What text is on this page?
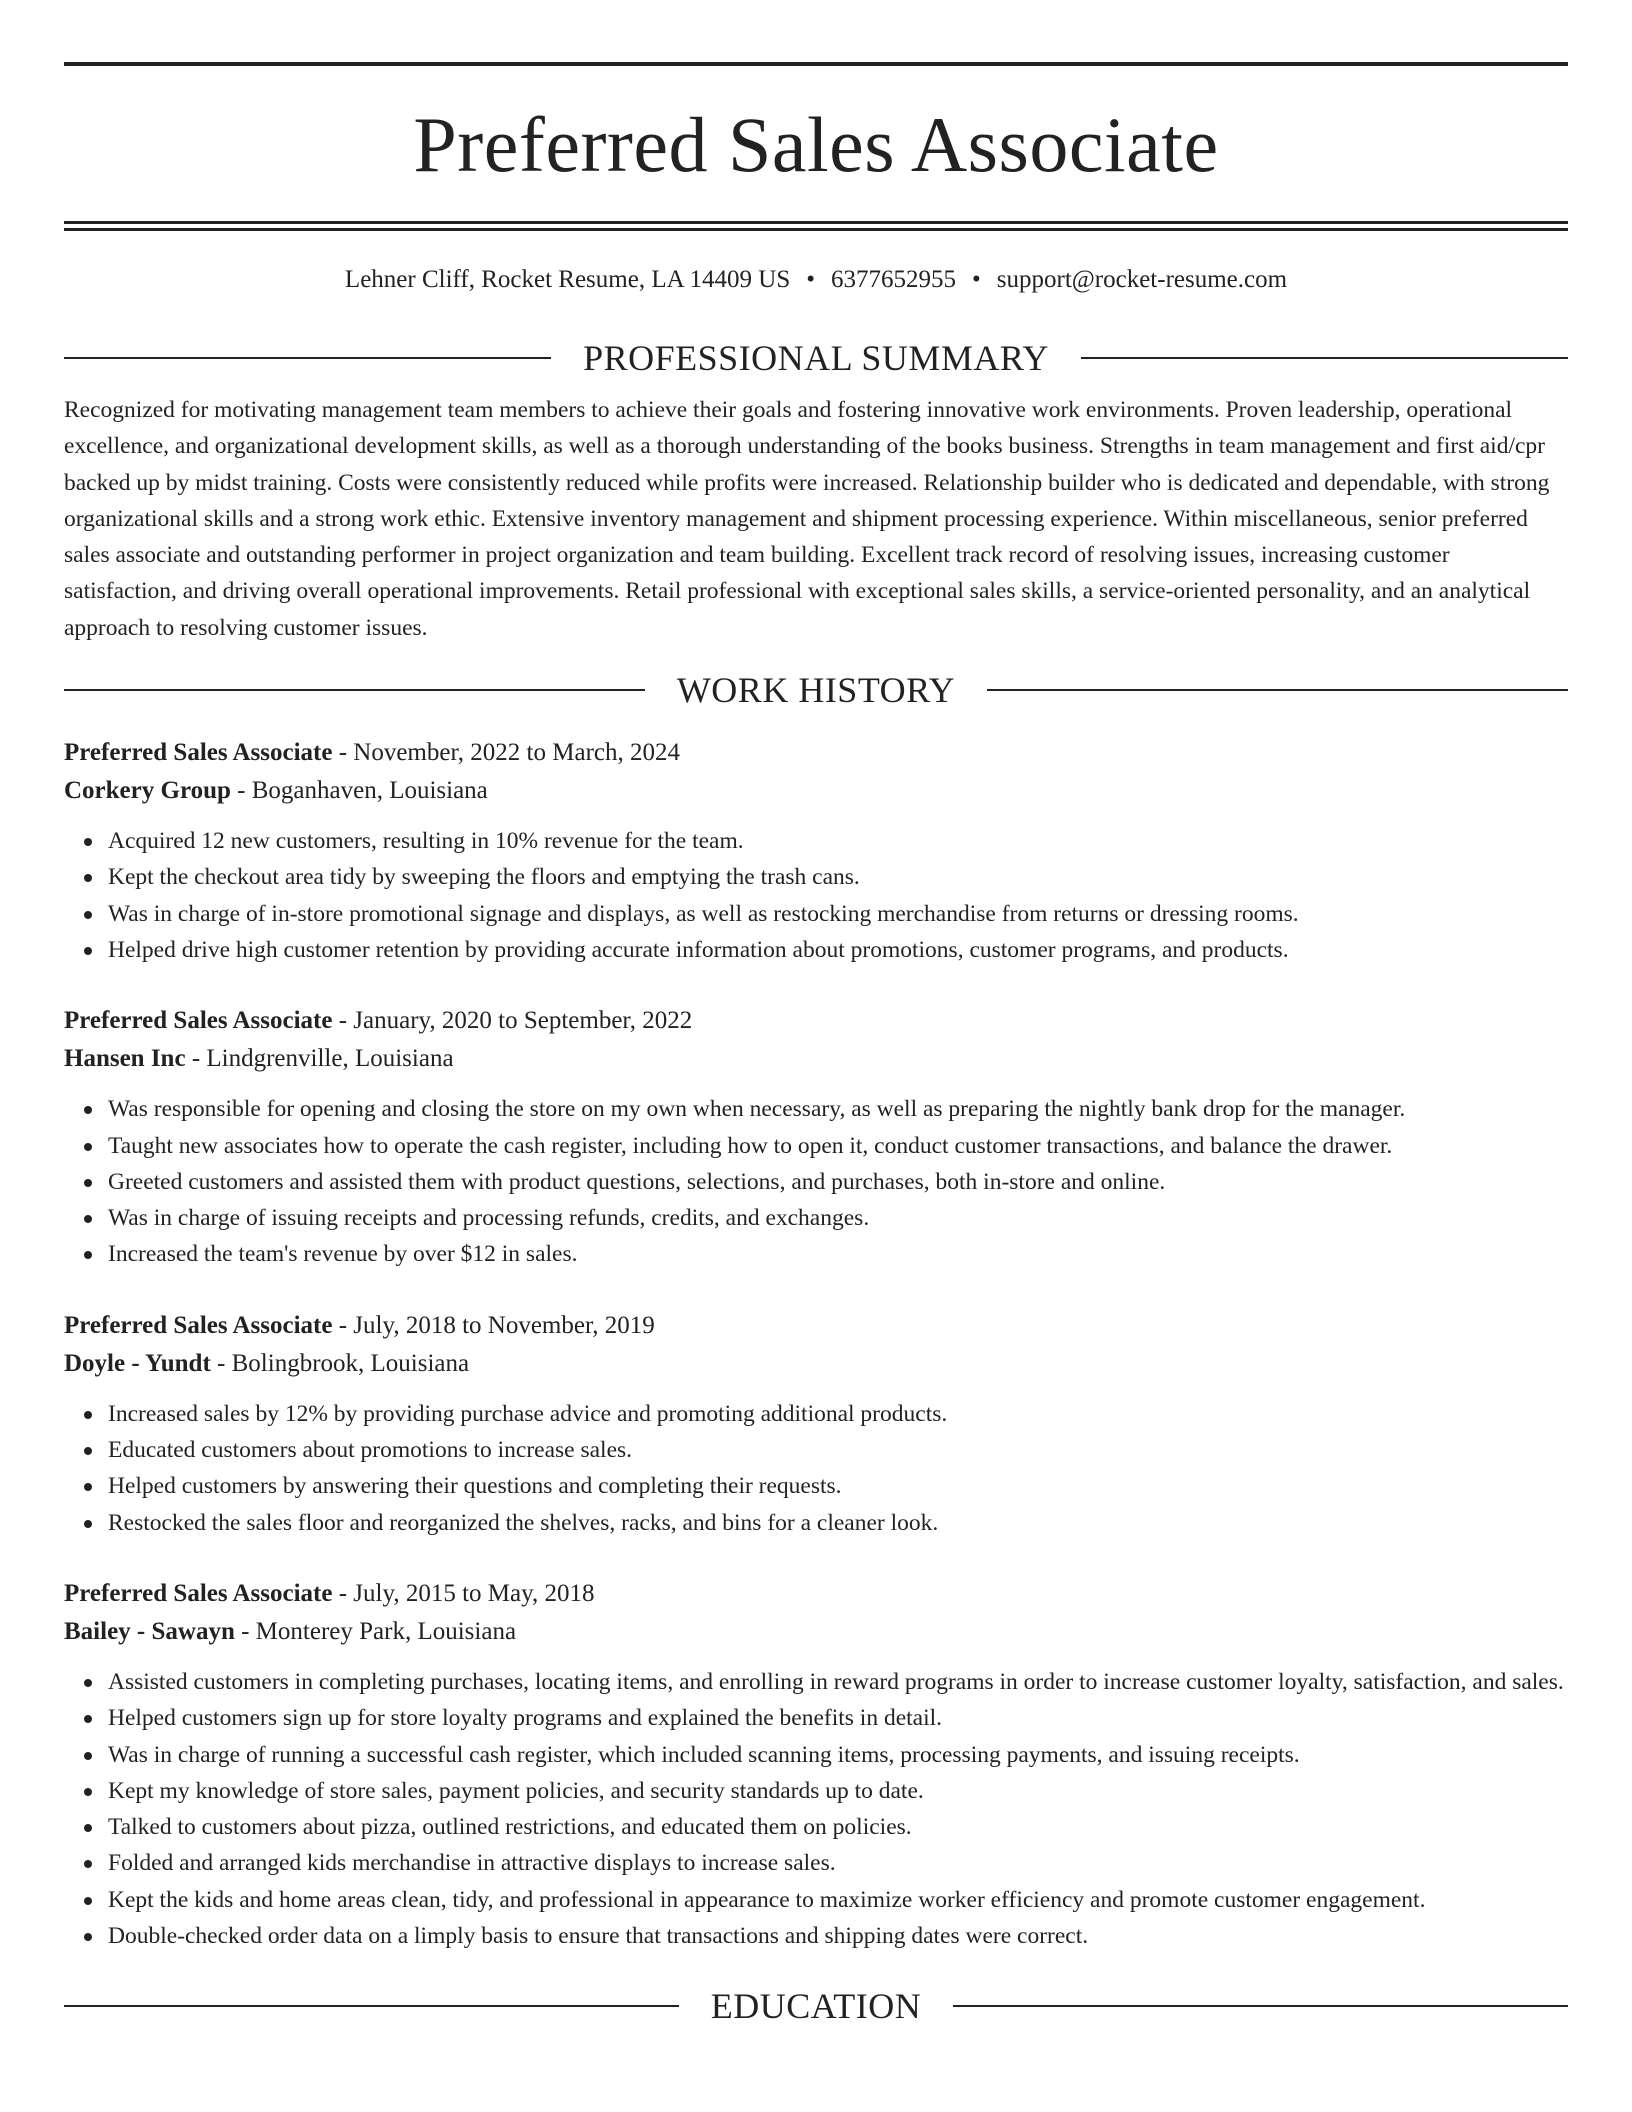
Preferred Sales Associate
Lehner Cliff, Rocket Resume, LA 14409 US • 6377652955 • support@rocket-resume.com
PROFESSIONAL SUMMARY
Recognized for motivating management team members to achieve their goals and fostering innovative work environments. Proven leadership, operational excellence, and organizational development skills, as well as a thorough understanding of the books business. Strengths in team management and first aid/cpr backed up by midst training. Costs were consistently reduced while profits were increased. Relationship builder who is dedicated and dependable, with strong organizational skills and a strong work ethic. Extensive inventory management and shipment processing experience. Within miscellaneous, senior preferred sales associate and outstanding performer in project organization and team building. Excellent track record of resolving issues, increasing customer satisfaction, and driving overall operational improvements. Retail professional with exceptional sales skills, a service-oriented personality, and an analytical approach to resolving customer issues.
WORK HISTORY
Preferred Sales Associate - November, 2022 to March, 2024
Corkery Group - Boganhaven, Louisiana
Acquired 12 new customers, resulting in 10% revenue for the team.
Kept the checkout area tidy by sweeping the floors and emptying the trash cans.
Was in charge of in-store promotional signage and displays, as well as restocking merchandise from returns or dressing rooms.
Helped drive high customer retention by providing accurate information about promotions, customer programs, and products.
Preferred Sales Associate - January, 2020 to September, 2022
Hansen Inc - Lindgrenville, Louisiana
Was responsible for opening and closing the store on my own when necessary, as well as preparing the nightly bank drop for the manager.
Taught new associates how to operate the cash register, including how to open it, conduct customer transactions, and balance the drawer.
Greeted customers and assisted them with product questions, selections, and purchases, both in-store and online.
Was in charge of issuing receipts and processing refunds, credits, and exchanges.
Increased the team's revenue by over $12 in sales.
Preferred Sales Associate - July, 2018 to November, 2019
Doyle - Yundt - Bolingbrook, Louisiana
Increased sales by 12% by providing purchase advice and promoting additional products.
Educated customers about promotions to increase sales.
Helped customers by answering their questions and completing their requests.
Restocked the sales floor and reorganized the shelves, racks, and bins for a cleaner look.
Preferred Sales Associate - July, 2015 to May, 2018
Bailey - Sawayn - Monterey Park, Louisiana
Assisted customers in completing purchases, locating items, and enrolling in reward programs in order to increase customer loyalty, satisfaction, and sales.
Helped customers sign up for store loyalty programs and explained the benefits in detail.
Was in charge of running a successful cash register, which included scanning items, processing payments, and issuing receipts.
Kept my knowledge of store sales, payment policies, and security standards up to date.
Talked to customers about pizza, outlined restrictions, and educated them on policies.
Folded and arranged kids merchandise in attractive displays to increase sales.
Kept the kids and home areas clean, tidy, and professional in appearance to maximize worker efficiency and promote customer engagement.
Double-checked order data on a limply basis to ensure that transactions and shipping dates were correct.
EDUCATION
